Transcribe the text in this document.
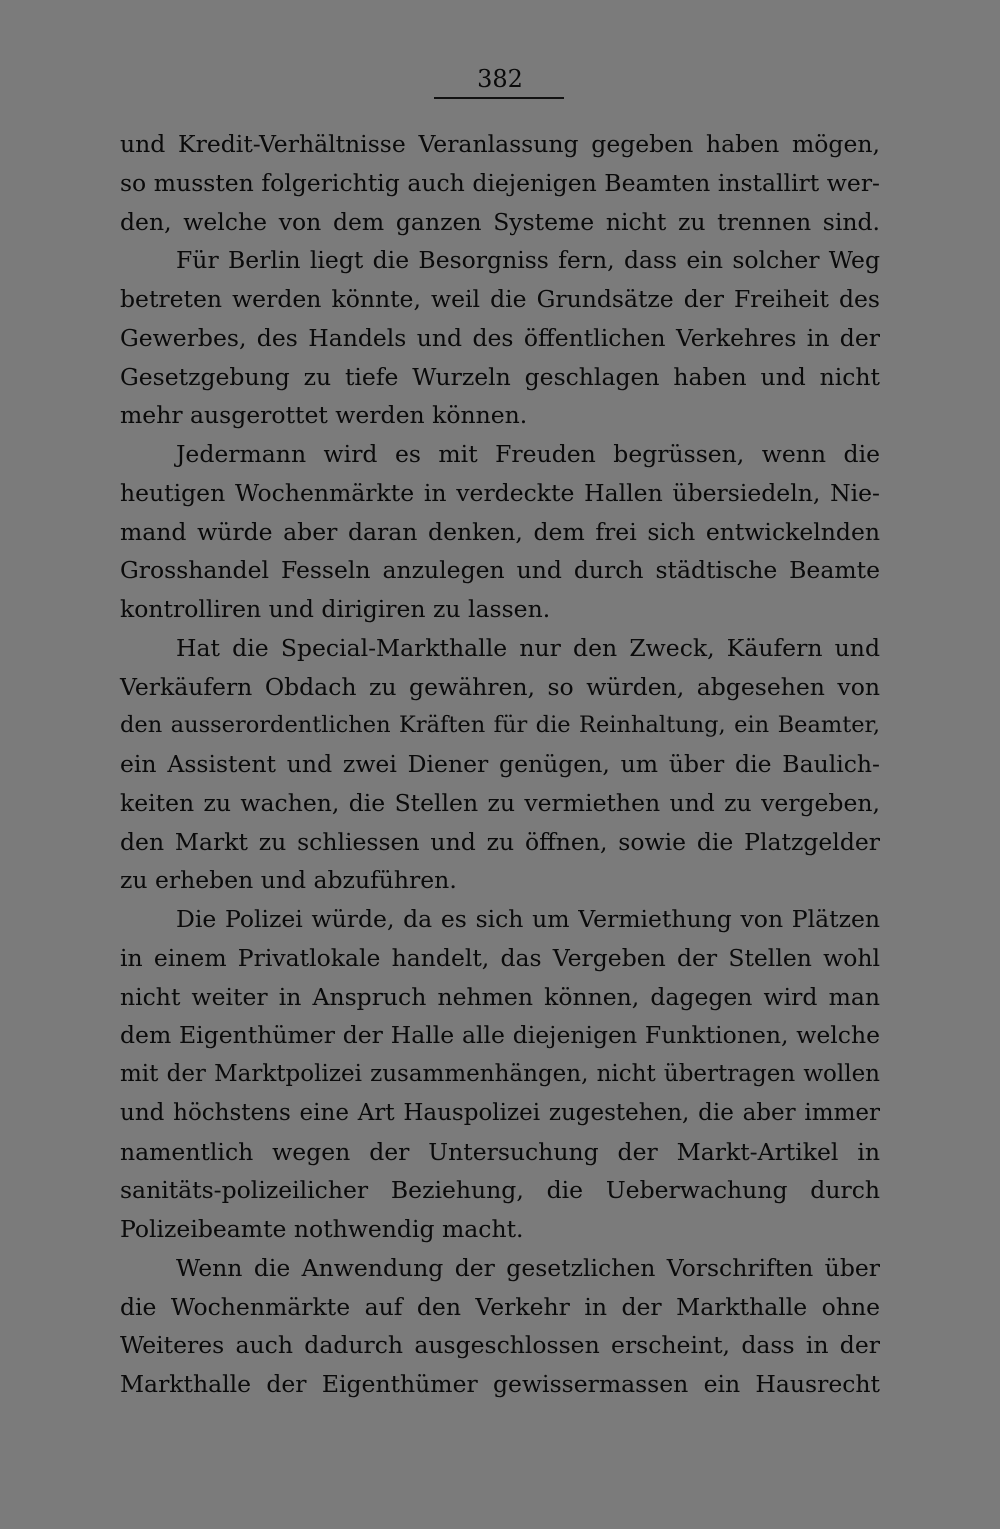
382
und Kredit-Verhältnisse Veranlassung gegeben haben mögen,
so mussten folgerichtig auch diejenigen Beamten installirt wer-
den, welche von dem ganzen Systeme nicht zu trennen sind.
Für Berlin liegt die Besorgniss fern, dass ein solcher Weg
betreten werden könnte, weil die Grundsätze der Freiheit des
Gewerbes, des Handels und des öffentlichen Verkehres in der
Gesetzgebung zu tiefe Wurzeln geschlagen haben und nicht
mehr ausgerottet werden können.
Jedermann wird es mit Freuden begrüssen, wenn die
heutigen Wochenmärkte in verdeckte Hallen übersiedeln, Nie-
mand würde aber daran denken, dem frei sich entwickelnden
Grosshandel Fesseln anzulegen und durch städtische Beamte
kontrolliren und dirigiren zu lassen.
Hat die Special-Markthalle nur den Zweck, Käufern und
Verkäufern Obdach zu gewähren, so würden, abgesehen von
den ausserordentlichen Kräften für die Reinhaltung, ein Beamter,
ein Assistent und zwei Diener genügen, um über die Baulich-
keiten zu wachen, die Stellen zu vermiethen und zu vergeben,
den Markt zu schliessen und zu öffnen, sowie die Platzgelder
zu erheben und abzuführen.
Die Polizei würde, da es sich um Vermiethung von Plätzen
in einem Privatlokale handelt, das Vergeben der Stellen wohl
nicht weiter in Anspruch nehmen können, dagegen wird man
dem Eigenthümer der Halle alle diejenigen Funktionen, welche
mit der Marktpolizei zusammenhängen, nicht übertragen wollen
und höchstens eine Art Hauspolizei zugestehen, die aber immer
namentlich wegen der Untersuchung der Markt-Artikel in
sanitäts-polizeilicher Beziehung, die Ueberwachung durch
Polizeibeamte nothwendig macht.
Wenn die Anwendung der gesetzlichen Vorschriften über
die Wochenmärkte auf den Verkehr in der Markthalle ohne
Weiteres auch dadurch ausgeschlossen erscheint, dass in der
Markthalle der Eigenthümer gewissermassen ein Hausrecht
